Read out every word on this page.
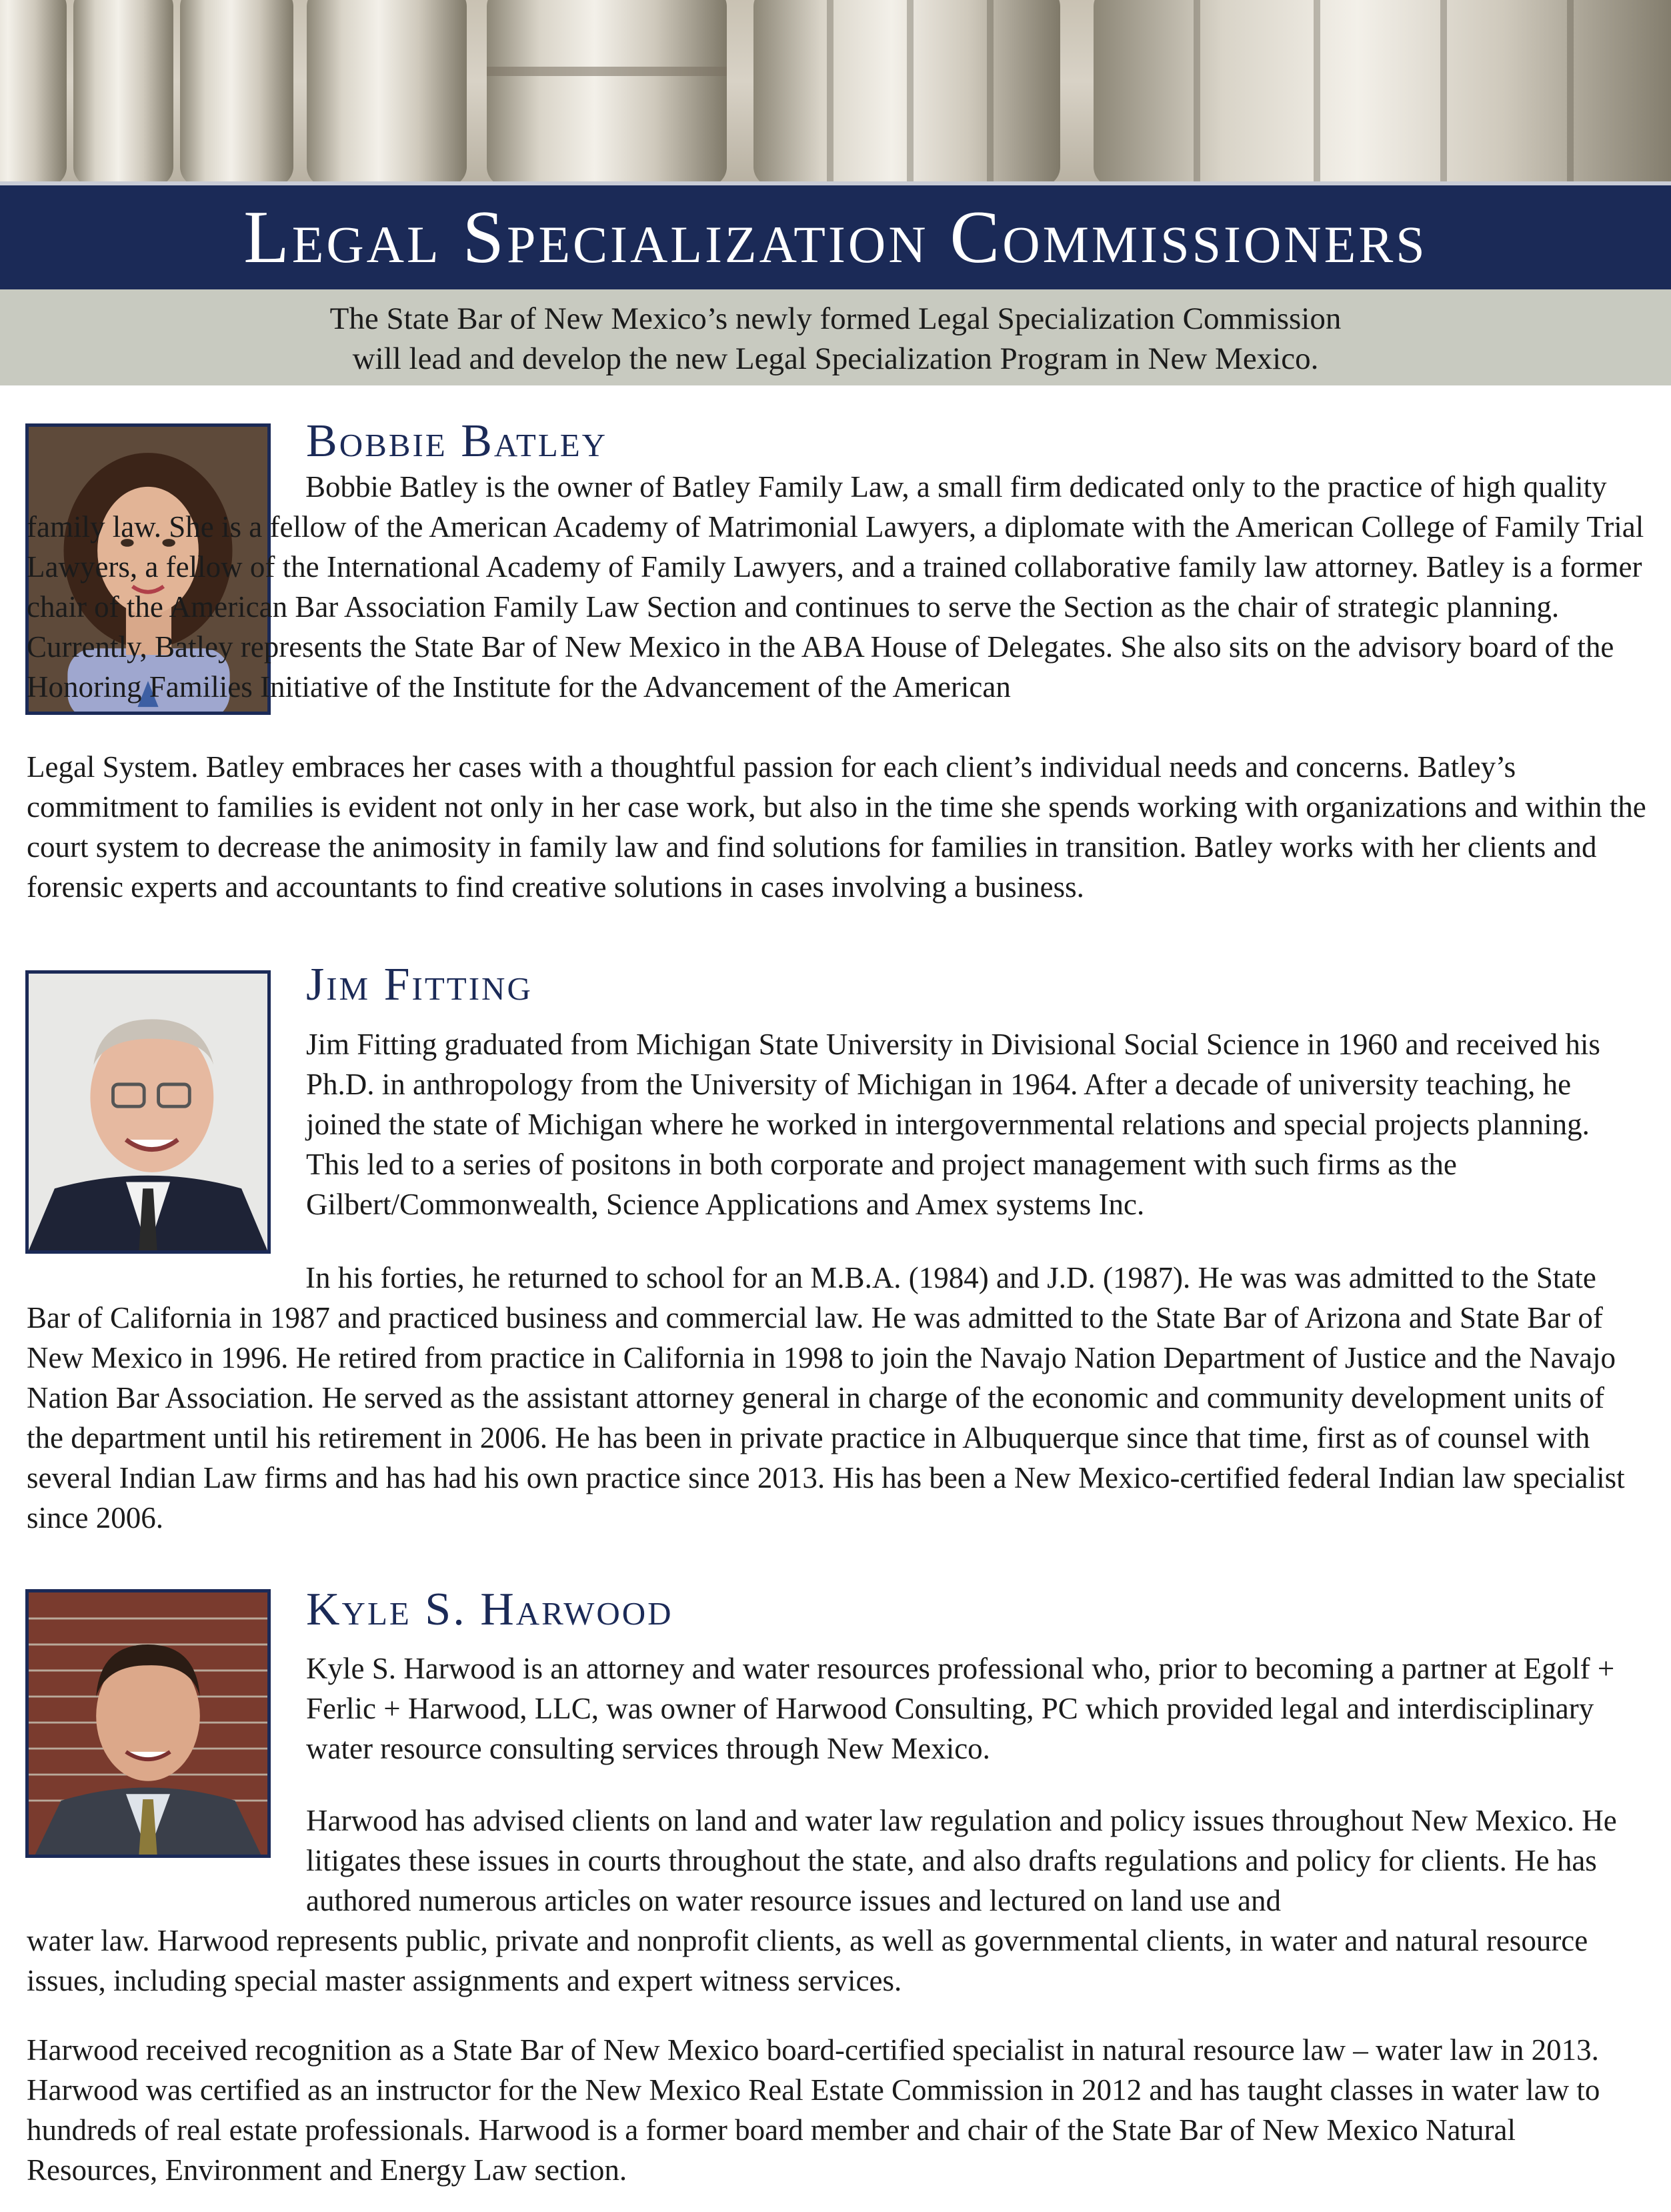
Legal Specialization Commissioners
The State Bar of New Mexico’s newly formed Legal Specialization Commission
will lead and develop the new Legal Specialization Program in New Mexico.
Bobbie Batley

Bobbie Batley is the owner of Batley Family Law, a small firm dedicated only to the practice of high quality family law. She is a fellow of the American Academy of Matrimonial Lawyers, a diplomate with the American College of Family Trial Lawyers, a fellow of the International Academy of Family Lawyers, and a trained collaborative family law attorney. Batley is a former chair of the American Bar Association Family Law Section and continues to serve the Section as the chair of strategic planning. Currently, Batley represents the State Bar of New Mexico in the ABA House of Delegates. She also sits on the advisory board of the Honoring Families Initiative of the Institute for the Advancement of the American

Legal System. Batley embraces her cases with a thoughtful passion for each client’s individual needs and concerns. Batley’s commitment to families is evident not only in her case work, but also in the time she spends working with organizations and within the court system to decrease the animosity in family law and find solutions for families in transition. Batley works with her clients and forensic experts and accountants to find creative solutions in cases involving a business.

Jim Fitting

Jim Fitting graduated from Michigan State University in Divisional Social Science in 1960 and received his Ph.D. in anthropology from the University of Michigan in 1964. After a decade of university teaching, he joined the state of Michigan where he worked in intergovernmental relations and special projects planning. This led to a series of positons in both corporate and project management with such firms as the Gilbert/Commonwealth, Science Applications and Amex systems Inc.

In his forties, he returned to school for an M.B.A. (1984) and J.D. (1987). He was was admitted to the State Bar of California in 1987 and practiced business and commercial law. He was admitted to the State Bar of Arizona and State Bar of New Mexico in 1996. He retired from practice in California in 1998 to join the Navajo Nation Department of Justice and the Navajo Nation Bar Association. He served as the assistant attorney general in charge of the economic and community development units of the department until his retirement in 2006. He has been in private practice in Albuquerque since that time, first as of counsel with several Indian Law firms and has had his own practice since 2013. His has been a New Mexico-certified federal Indian law specialist since 2006.

Kyle S. Harwood

Kyle S. Harwood is an attorney and water resources professional who, prior to becoming a partner at Egolf + Ferlic + Harwood, LLC, was owner of Harwood Consulting, PC which provided legal and interdisciplinary water resource consulting services through New Mexico.

Harwood has advised clients on land and water law regulation and policy issues throughout New Mexico. He litigates these issues in courts throughout the state, and also drafts regulations and policy for clients. He has authored numerous articles on water resource issues and lectured on land use and

water law. Harwood represents public, private and nonprofit clients, as well as governmental clients, in water and natural resource issues, including special master assignments and expert witness services.

Harwood received recognition as a State Bar of New Mexico board-certified specialist in natural resource law – water law in 2013. Harwood was certified as an instructor for the New Mexico Real Estate Commission in 2012 and has taught classes in water law to hundreds of real estate professionals. Harwood is a former board member and chair of the State Bar of New Mexico Natural Resources, Environment and Energy Law section.
